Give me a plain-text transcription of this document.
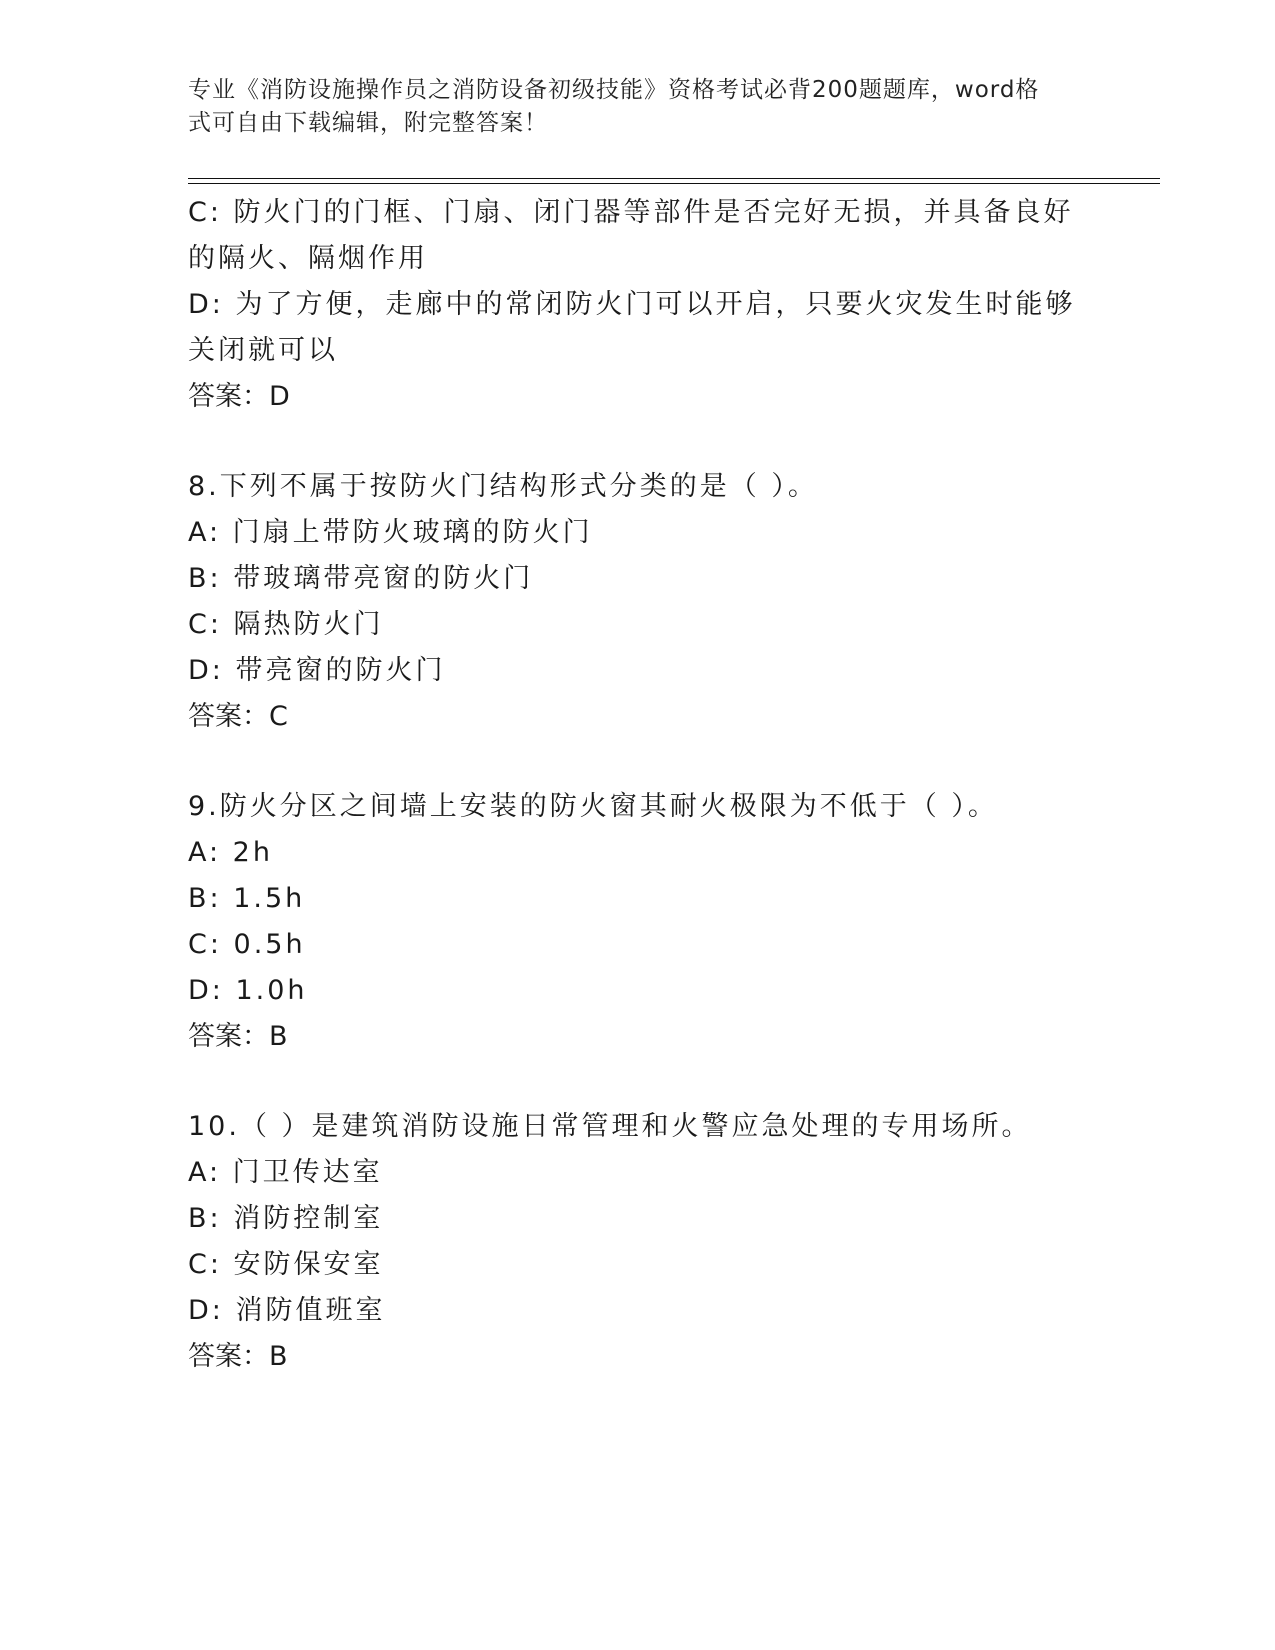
专业《消防设施操作员之消防设备初级技能》资格考试必背200题题库，word格
式可自由下载编辑，附完整答案！

C: 防火门的门框、门扇、闭门器等部件是否完好无损，并具备良好的隔火、隔烟作用

D: 为了方便，走廊中的常闭防火门可以开启，只要火灾发生时能够关闭就可以

答案：D

8.下列不属于按防火门结构形式分类的是（ ）。

A: 门扇上带防火玻璃的防火门

B: 带玻璃带亮窗的防火门

C: 隔热防火门

D: 带亮窗的防火门

答案：C

9.防火分区之间墙上安装的防火窗其耐火极限为不低于（ ）。

A: 2h

B: 1.5h

C: 0.5h

D: 1.0h

答案：B

10.（ ）是建筑消防设施日常管理和火警应急处理的专用场所。

A: 门卫传达室

B: 消防控制室

C: 安防保安室

D: 消防值班室

答案：B
